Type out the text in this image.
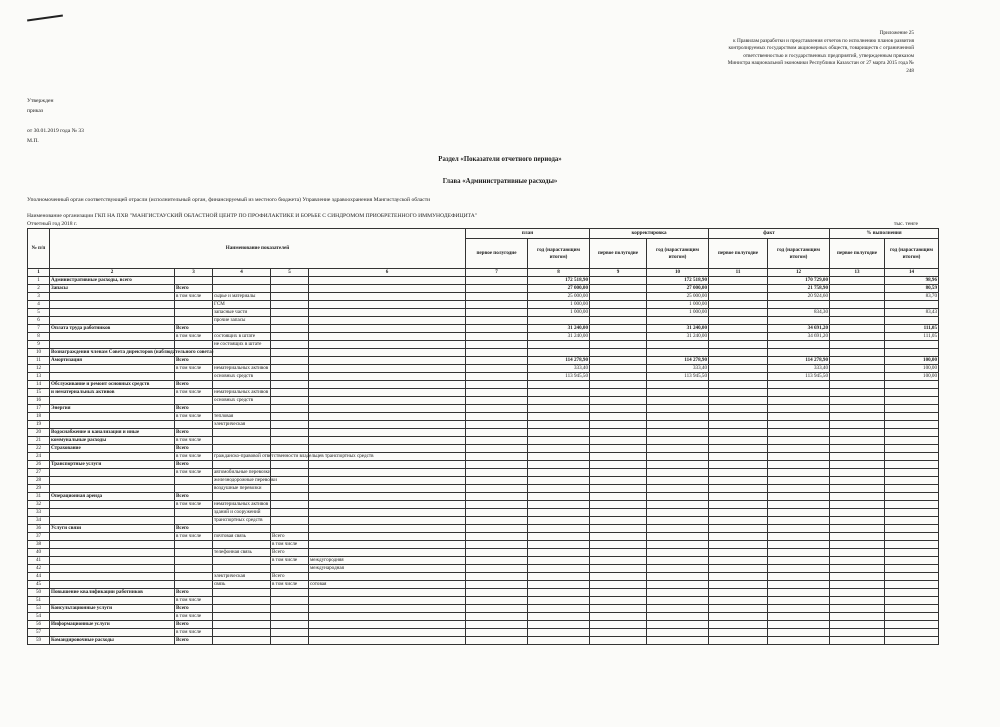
Приложение 25
к Правилам разработки и представления отчетов по исполнению планов развития
контролируемых государством акционерных обществ, товариществ с ограниченной
ответственностью и государственных предприятий, утвержденным приказом
Министра национальной экономики Республики Казахстан от 27 марта 2015 года №
248
Утвержден
приказ
от 30.01.2019 года № 33
М.П.
Раздел «Показатели отчетного периода»
Глава «Административные расходы»
Уполномоченный орган соответствующей отрасли (исполнительный орган, финансируемый из местного бюджета) Управление здравоохранения Мангистауской области
Наименование организации ГКП НА ПХВ "МАНГИСТАУСКИЙ ОБЛАСТНОЙ ЦЕНТР ПО ПРОФИЛАКТИКЕ И БОРЬБЕ С СИНДРОМОМ ПРИОБРЕТЕННОГО ИММУНОДЕФИЦИТА"
Отчетный год 2018 г.	тыс. тенге
№ п/п	Наименование показателей					план		корректировка		факт		% выполнения	
						первое полугодие	год (нарастающим итогом)	первое полугодие	год (нарастающим итогом)	первое полугодие	год (нарастающим итогом)	первое полугодие	год (нарастающим итогом)
1	2	3	4	5	6	7	8	9	10	11	12	13	14
1	Административные расходы, всего						172 518,90		172 518,90		170 729,00		98,96
2	Запасы	Всего					27 000,00		27 000,00		21 758,90		80,59
3		в том числе	сырье и материалы				25 000,00		25 000,00		20 924,60		83,70
4			ГСМ				1 000,00		1 000,00				
5			запасные части				1 000,00		1 000,00		834,30		83,43
6			прочие запасы										
7	Оплата труда работников	Всего					31 240,00		31 240,00		34 691,20		111,05
8		в том числе	состоящих в штате				31 240,00		31 240,00		34 691,20		111,05
9			не состоящих в штате										
10	Вознаграждения членам Совета директоров (наблюдательного совета)												
11	Амортизация	Всего					114 278,90		114 278,90		114 278,90		100,00
12		в том числе	нематериальных активов				333,40		333,40		333,40		100,00
13			основных средств				113 945,50		113 945,50		113 945,50		100,00
14	Обслуживание и ремонт основных средств	Всего											
15	и нематериальных активов	в том числе	нематериальных активов										
16			основных средств										
17	Энергия	Всего											
18		в том числе	тепловая										
19			электрическая										
20	Водоснабжение и канализация и иные	Всего											
21	коммунальные расходы	в том числе											
22	Страхование	Всего											
24		в том числе	гражданско-правовой ответственности владельцев транспортных средств										
26	Транспортные услуги	Всего											
27		в том числе	автомобильные перевозки										
28			железнодорожные перевозки										
29			воздушные перевозки										
31	Операционная аренда	Всего											
32		в том числе	нематериальных активов										
33			зданий и сооружений										
34			транспортных средств										
36	Услуги связи	Всего											
37		в том числе	почтовая связь	Всего									
38				в том числе									
40			телефонная связь	Всего									
41				в том числе	междугородняя								
42					международная								
44			электрическая	Всего									
45			связь	в том числе	сотовая								
50	Повышение квалификации работников	Всего											
51		в том числе											
53	Консультационные услуги	Всего											
54		в том числе											
56	Информационные услуги	Всего											
57		в том числе											
59	Командировочные расходы	Всего											
